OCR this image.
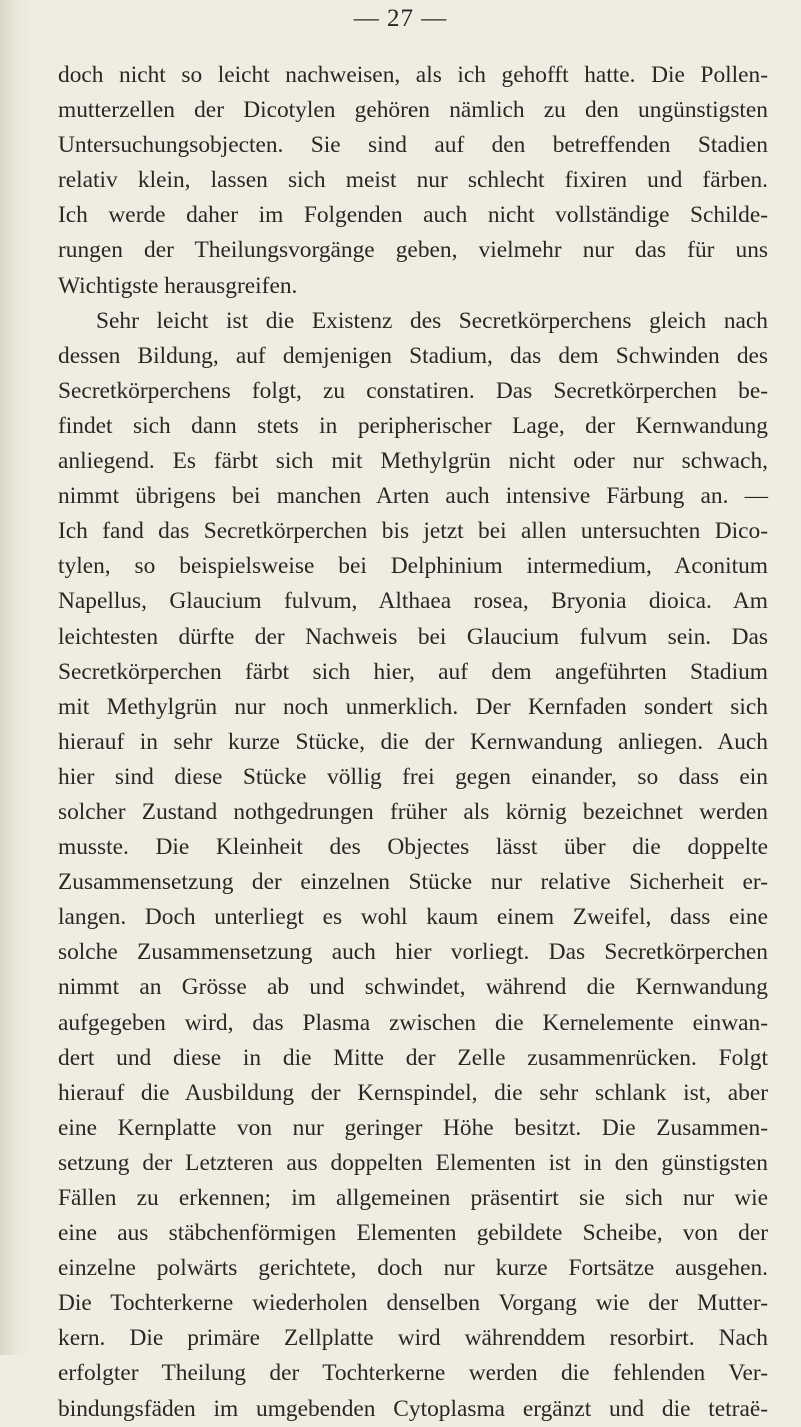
— 27 —
doch nicht so leicht nachweisen, als ich gehofft hatte. Die Pollen-
mutterzellen der Dicotylen gehören nämlich zu den ungünstigsten
Untersuchungsobjecten. Sie sind auf den betreffenden Stadien
relativ klein, lassen sich meist nur schlecht fixiren und färben.
Ich werde daher im Folgenden auch nicht vollständige Schilde-
rungen der Theilungsvorgänge geben, vielmehr nur das für uns
Wichtigste herausgreifen.
Sehr leicht ist die Existenz des Secretkörperchens gleich nach
dessen Bildung, auf demjenigen Stadium, das dem Schwinden des
Secretkörperchens folgt, zu constatiren. Das Secretkörperchen be-
findet sich dann stets in peripherischer Lage, der Kernwandung
anliegend. Es färbt sich mit Methylgrün nicht oder nur schwach,
nimmt übrigens bei manchen Arten auch intensive Färbung an. —
Ich fand das Secretkörperchen bis jetzt bei allen untersuchten Dico-
tylen, so beispielsweise bei Delphinium intermedium, Aconitum
Napellus, Glaucium fulvum, Althaea rosea, Bryonia dioica. Am
leichtesten dürfte der Nachweis bei Glaucium fulvum sein. Das
Secretkörperchen färbt sich hier, auf dem angeführten Stadium
mit Methylgrün nur noch unmerklich. Der Kernfaden sondert sich
hierauf in sehr kurze Stücke, die der Kernwandung anliegen. Auch
hier sind diese Stücke völlig frei gegen einander, so dass ein
solcher Zustand nothgedrungen früher als körnig bezeichnet werden
musste. Die Kleinheit des Objectes lässt über die doppelte
Zusammensetzung der einzelnen Stücke nur relative Sicherheit er-
langen. Doch unterliegt es wohl kaum einem Zweifel, dass eine
solche Zusammensetzung auch hier vorliegt. Das Secretkörperchen
nimmt an Grösse ab und schwindet, während die Kernwandung
aufgegeben wird, das Plasma zwischen die Kernelemente einwan-
dert und diese in die Mitte der Zelle zusammenrücken. Folgt
hierauf die Ausbildung der Kernspindel, die sehr schlank ist, aber
eine Kernplatte von nur geringer Höhe besitzt. Die Zusammen-
setzung der Letzteren aus doppelten Elementen ist in den günstigsten
Fällen zu erkennen; im allgemeinen präsentirt sie sich nur wie
eine aus stäbchenförmigen Elementen gebildete Scheibe, von der
einzelne polwärts gerichtete, doch nur kurze Fortsätze ausgehen.
Die Tochterkerne wiederholen denselben Vorgang wie der Mutter-
kern. Die primäre Zellplatte wird währenddem resorbirt. Nach
erfolgter Theilung der Tochterkerne werden die fehlenden Ver-
bindungsfäden im umgebenden Cytoplasma ergänzt und die tetraë-
